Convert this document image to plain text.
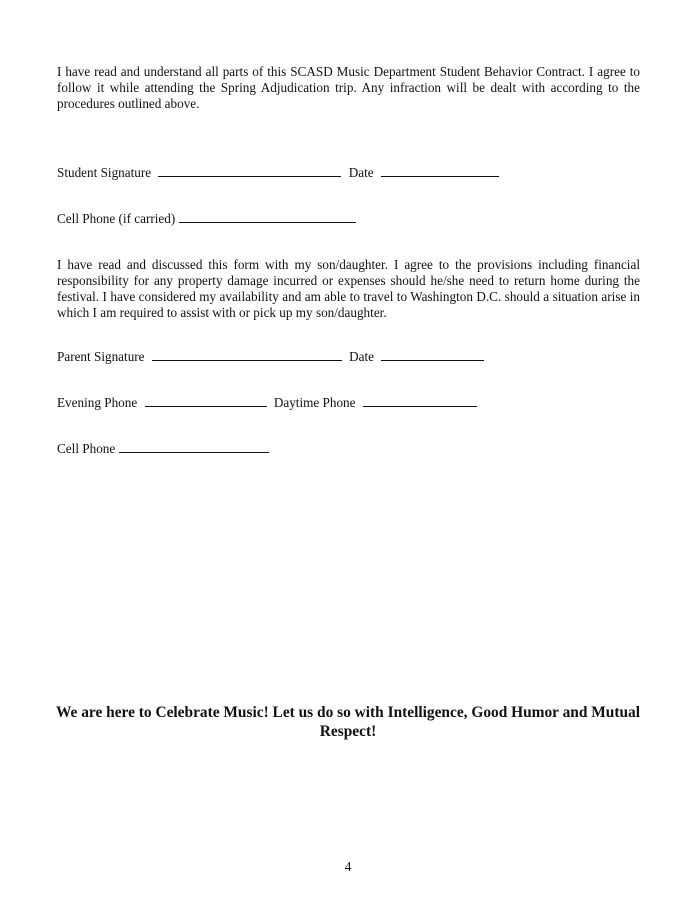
I have read and understand all parts of this SCASD Music Department Student Behavior Contract. I agree to follow it while attending the Spring Adjudication trip. Any infraction will be dealt with according to the procedures outlined above.

Student Signature	Date
Cell Phone (if carried)

I have read and discussed this form with my son/daughter. I agree to the provisions including financial responsibility for any property damage incurred or expenses should he/she need to return home during the festival. I have considered my availability and am able to travel to Washington D.C. should a situation arise in which I am required to assist with or pick up my son/daughter.

Parent Signature	Date
Evening Phone	Daytime Phone
Cell Phone
We are here to Celebrate Music! Let us do so with Intelligence, Good Humor and Mutual Respect!
4
